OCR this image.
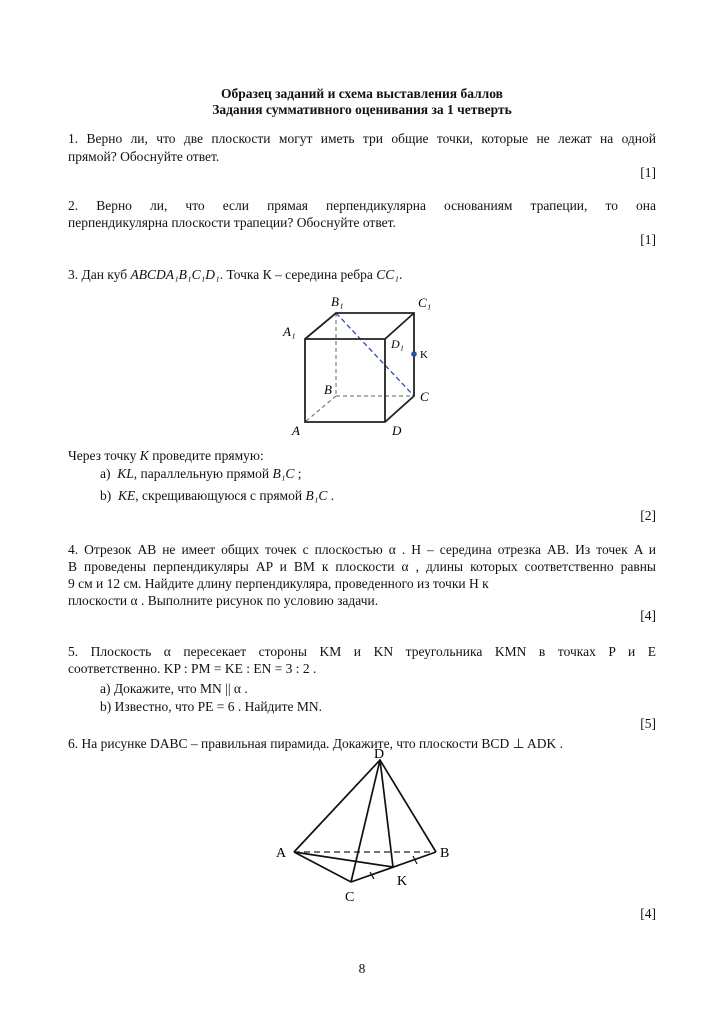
Образец заданий и схема выставления баллов
Задания суммативного оценивания за 1 четверть
1. Верно ли, что две плоскости могут иметь три общие точки, которые не лежат на одной
прямой? Обоснуйте ответ.
[1]
2. Верно ли, что если прямая перпендикулярна основаниям трапеции, то она
перпендикулярна плоскости трапеции? Обоснуйте ответ.
[1]
3. Дан куб ABCDA₁B₁C₁D₁. Точка К – середина ребра CC₁.
B₁	C₁
A₁
D₁
K
B	C
A	D
Через точку K проведите прямую:
a) KL, параллельную прямой B₁C ;
b) KE, скрещивающуюся с прямой B₁C .
[2]
4. Отрезок AB не имеет общих точек с плоскостью α . H – середина отрезка AB. Из точек A и
B проведены перпендикуляры AP и BM к плоскости α , длины которых соответственно равны
9 см и 12 см. Найдите длину перпендикуляра, проведенного из точки H к
плоскости α . Выполните рисунок по условию задачи.
[4]
5. Плоскость α пересекает стороны KM и KN треугольника KMN в точках P и E
соответственно. KP : PM = KE : EN = 3 : 2 .
а) Докажите, что MN || α .
b) Известно, что PE = 6 . Найдите MN.
[5]
6. На рисунке DABC – правильная пирамида. Докажите, что плоскости BCD ⊥ ADK .
D
A	B
C
K
[4]
8
